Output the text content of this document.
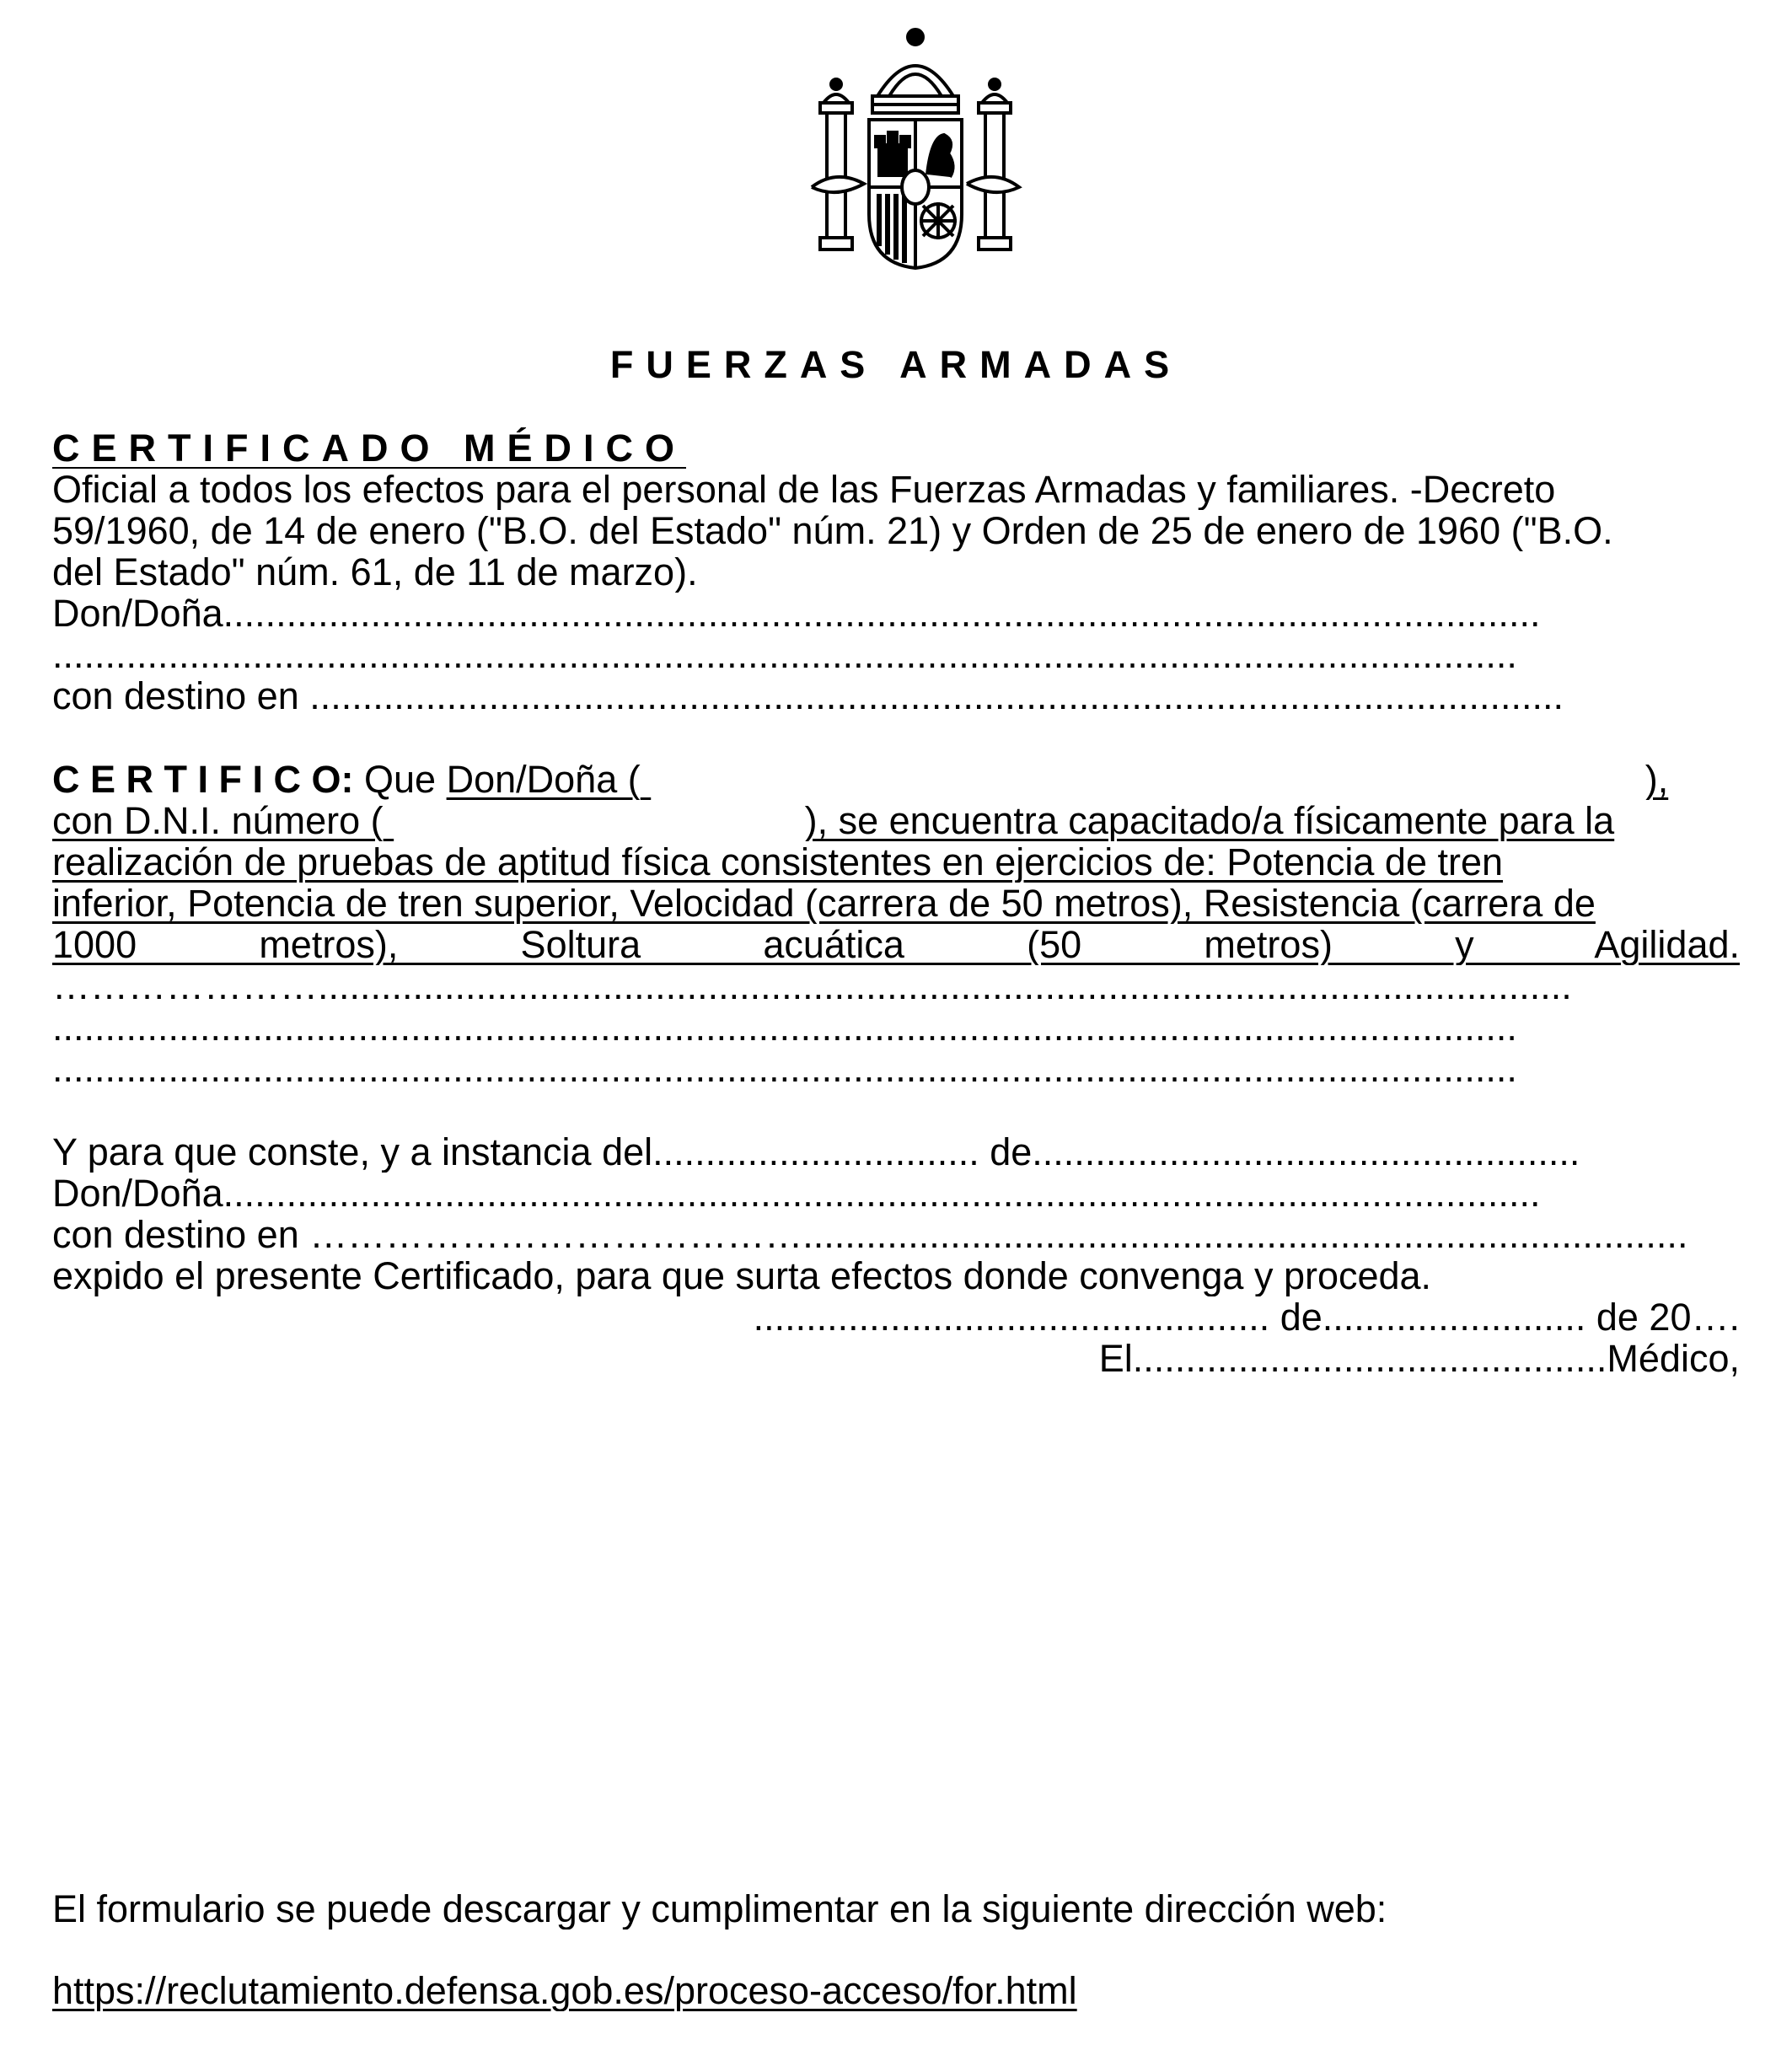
FUERZAS ARMADAS
CERTIFICADO MÉDICO
Oficial a todos los efectos para el personal de las Fuerzas Armadas y familiares. -Decreto
59/1960, de 14 de enero ("B.O. del Estado" núm. 21) y Orden de 25 de enero de 1960 ("B.O.
del Estado" núm. 61, de 11 de marzo).
Don/Doña.............................................................................................................................
...........................................................................................................................................
con destino en .......................................................................................................................
C E R T I F I C O: Que Don/Doña (	),
con D.N.I. número (	), se encuentra capacitado/a físicamente para la
realización de pruebas de aptitud física consistentes en ejercicios de: Potencia de tren
inferior, Potencia de tren superior, Velocidad (carrera de 50 metros), Resistencia (carrera de
1000 metros), Soltura acuática (50 metros) y Agilidad.
………………….......................................................................................................................
...........................................................................................................................................
...........................................................................................................................................
Y para que conste, y a instancia del............................... de....................................................
Don/Doña.............................................................................................................................
con destino en …………………………………....................................................................................
expido el presente Certificado, para que surta efectos donde convenga y proceda.
................................................. de......................... de 20….
El.............................................Médico,
El formulario se puede descargar y cumplimentar en la siguiente dirección web:
https://reclutamiento.defensa.gob.es/proceso-acceso/for.html
